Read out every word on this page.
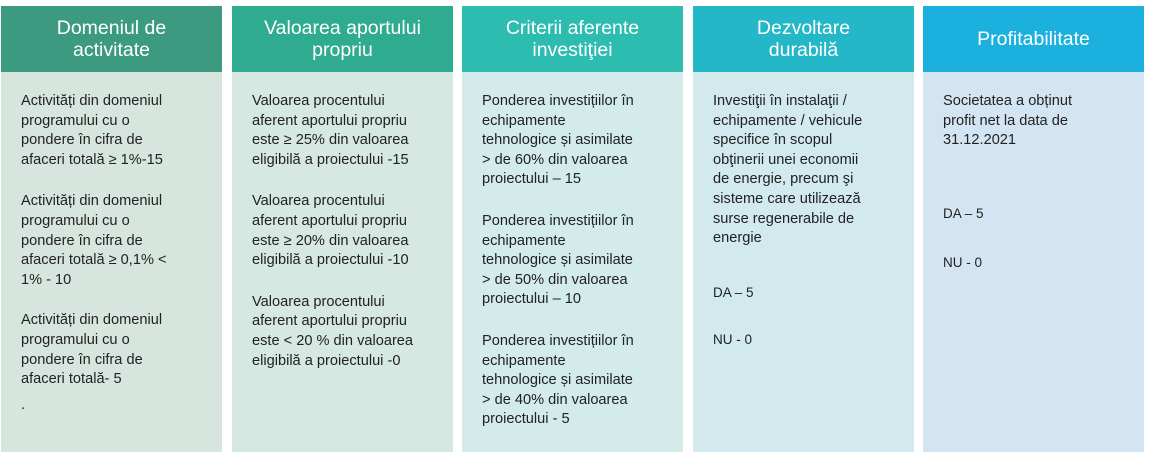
Domeniul de
activitate

Activități din domeniul
programului cu o
pondere în cifra de
afaceri totală ≥ 1%-15

Activități din domeniul
programului cu o
pondere în cifra de
afaceri totală ≥ 0,1% <
1% - 10

Activități din domeniul
programului cu o
pondere în cifra de
afaceri totală- 5

.

Valoarea aportului
propriu

Valoarea procentului
aferent aportului propriu
este ≥ 25% din valoarea
eligibilă a proiectului -15

Valoarea procentului
aferent aportului propriu
este ≥ 20% din valoarea
eligibilă a proiectului -10

Valoarea procentului
aferent aportului propriu
este < 20 % din valoarea
eligibilă a proiectului -0

Criterii aferente
investiţiei

Ponderea investițiilor în
echipamente
tehnologice și asimilate
> de 60% din valoarea
proiectului – 15

Ponderea investițiilor în
echipamente
tehnologice și asimilate
> de 50% din valoarea
proiectului – 10

Ponderea investițiilor în
echipamente
tehnologice și asimilate
> de 40% din valoarea
proiectului - 5

Dezvoltare
durabilă

Investiţii în instalaţii /
echipamente / vehicule
specifice în scopul
obţinerii unei economii
de energie, precum şi
sisteme care utilizează
surse regenerabile de
energie

DA – 5

NU - 0

Profitabilitate

Societatea a obținut
profit net la data de
31.12.2021

DA – 5

NU - 0
